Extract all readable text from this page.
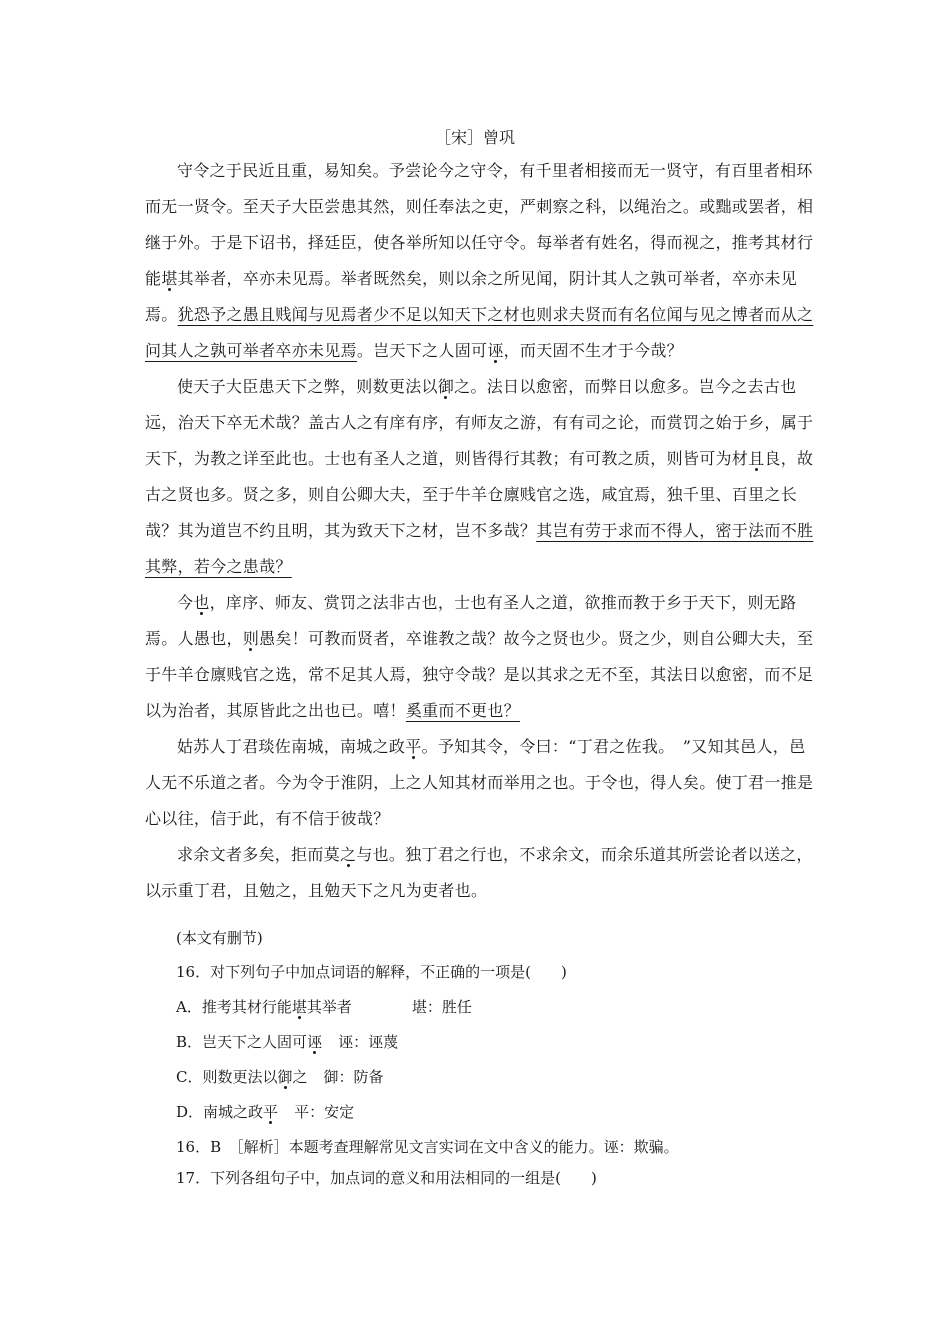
［宋］曾巩

守令之于民近且重，易知矣。予尝论今之守令，有千里者相接而无一贤守，有百里者相环而无一贤令。至天子大臣尝患其然，则任奉法之吏，严刺察之科，以绳治之。或黜或罢者，相继于外。于是下诏书，择廷臣，使各举所知以任守令。每举者有姓名，得而视之，推考其材行能堪其举者，卒亦未见焉。举者既然矣，则以余之所见闻，阴计其人之孰可举者，卒亦未见焉。犹恐予之愚且贱闻与见焉者少不足以知天下之材也则求夫贤而有名位闻与见之博者而从之问其人之孰可举者卒亦未见焉。岂天下之人固可诬，而天固不生才于今哉？

使天子大臣患天下之弊，则数更法以御之。法日以愈密，而弊日以愈多。岂今之去古也远，治天下卒无术哉？盖古人之有庠有序，有师友之游，有有司之论，而赏罚之始于乡，属于天下，为教之详至此也。士也有圣人之道，则皆得行其教；有可教之质，则皆可为材且良，故古之贤也多。贤之多，则自公卿大夫，至于牛羊仓廪贱官之选，咸宜焉，独千里、百里之长哉？其为道岂不约且明，其为致天下之材，岂不多哉？其岂有劳于求而不得人，密于法而不胜其弊，若今之患哉？

今也，庠序、师友、赏罚之法非古也，士也有圣人之道，欲推而教于乡于天下，则无路焉。人愚也，则愚矣！可教而贤者，卒谁教之哉？故今之贤也少。贤之少，则自公卿大夫，至于牛羊仓廪贱官之选，常不足其人焉，独守令哉？是以其求之无不至，其法日以愈密，而不足以为治者，其原皆此之出也已。嘻！奚重而不更也？

姑苏人丁君琰佐南城，南城之政平。予知其令，令曰：“丁君之佐我。　”又知其邑人，邑人无不乐道之者。今为令于淮阴，上之人知其材而举用之也。于令也，得人矣。使丁君一推是心以往，信于此，有不信于彼哉？

求余文者多矣，拒而莫之与也。独丁君之行也，不求余文，而余乐道其所尝论者以送之，以示重丁君，且勉之，且勉天下之凡为吏者也。

(本文有删节)
16．对下列句子中加点词语的解释，不正确的一项是(　　)
A．推考其材行能堪其举者	堪：胜任
B．岂天下之人固可诬 诬：诬蔑
C．则数更法以御之 御：防备
D．南城之政平 平：安定
16．B　［解析］本题考查理解常见文言实词在文中含义的能力。诬：欺骗。
17．下列各组句子中，加点词的意义和用法相同的一组是(　　)
